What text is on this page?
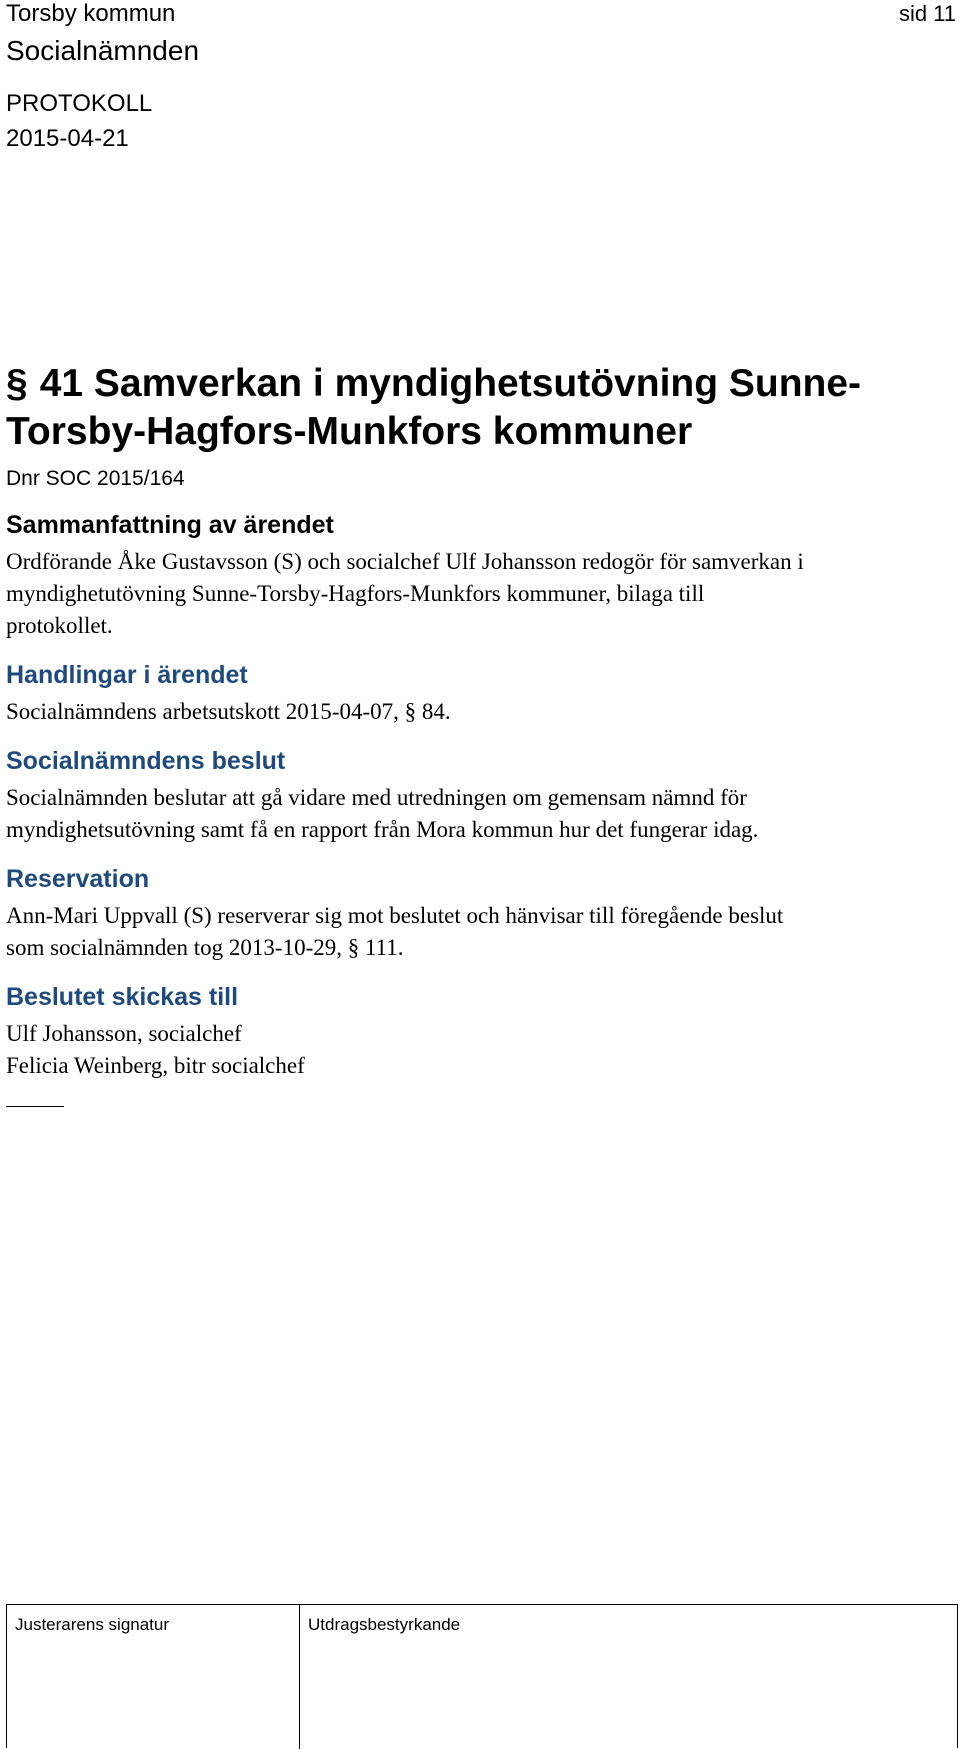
Torsby kommun
Socialnämnden
sid 11
PROTOKOLL
2015-04-21
§ 41 Samverkan i myndighetsutövning Sunne-Torsby-Hagfors-Munkfors kommuner
Dnr SOC 2015/164
Sammanfattning av ärendet
Ordförande Åke Gustavsson (S) och socialchef Ulf Johansson redogör för samverkan i
myndighetutövning Sunne-Torsby-Hagfors-Munkfors kommuner, bilaga till
protokollet.
Handlingar i ärendet
Socialnämndens arbetsutskott 2015-04-07, § 84.
Socialnämndens beslut
Socialnämnden beslutar att gå vidare med utredningen om gemensam nämnd för
myndighetsutövning samt få en rapport från Mora kommun hur det fungerar idag.
Reservation
Ann-Mari Uppvall (S) reserverar sig mot beslutet och hänvisar till föregående beslut
som socialnämnden tog 2013-10-29, § 111.
Beslutet skickas till
Ulf Johansson, socialchef
Felicia Weinberg, bitr socialchef
Justerarens signatur	Utdragsbestyrkande
